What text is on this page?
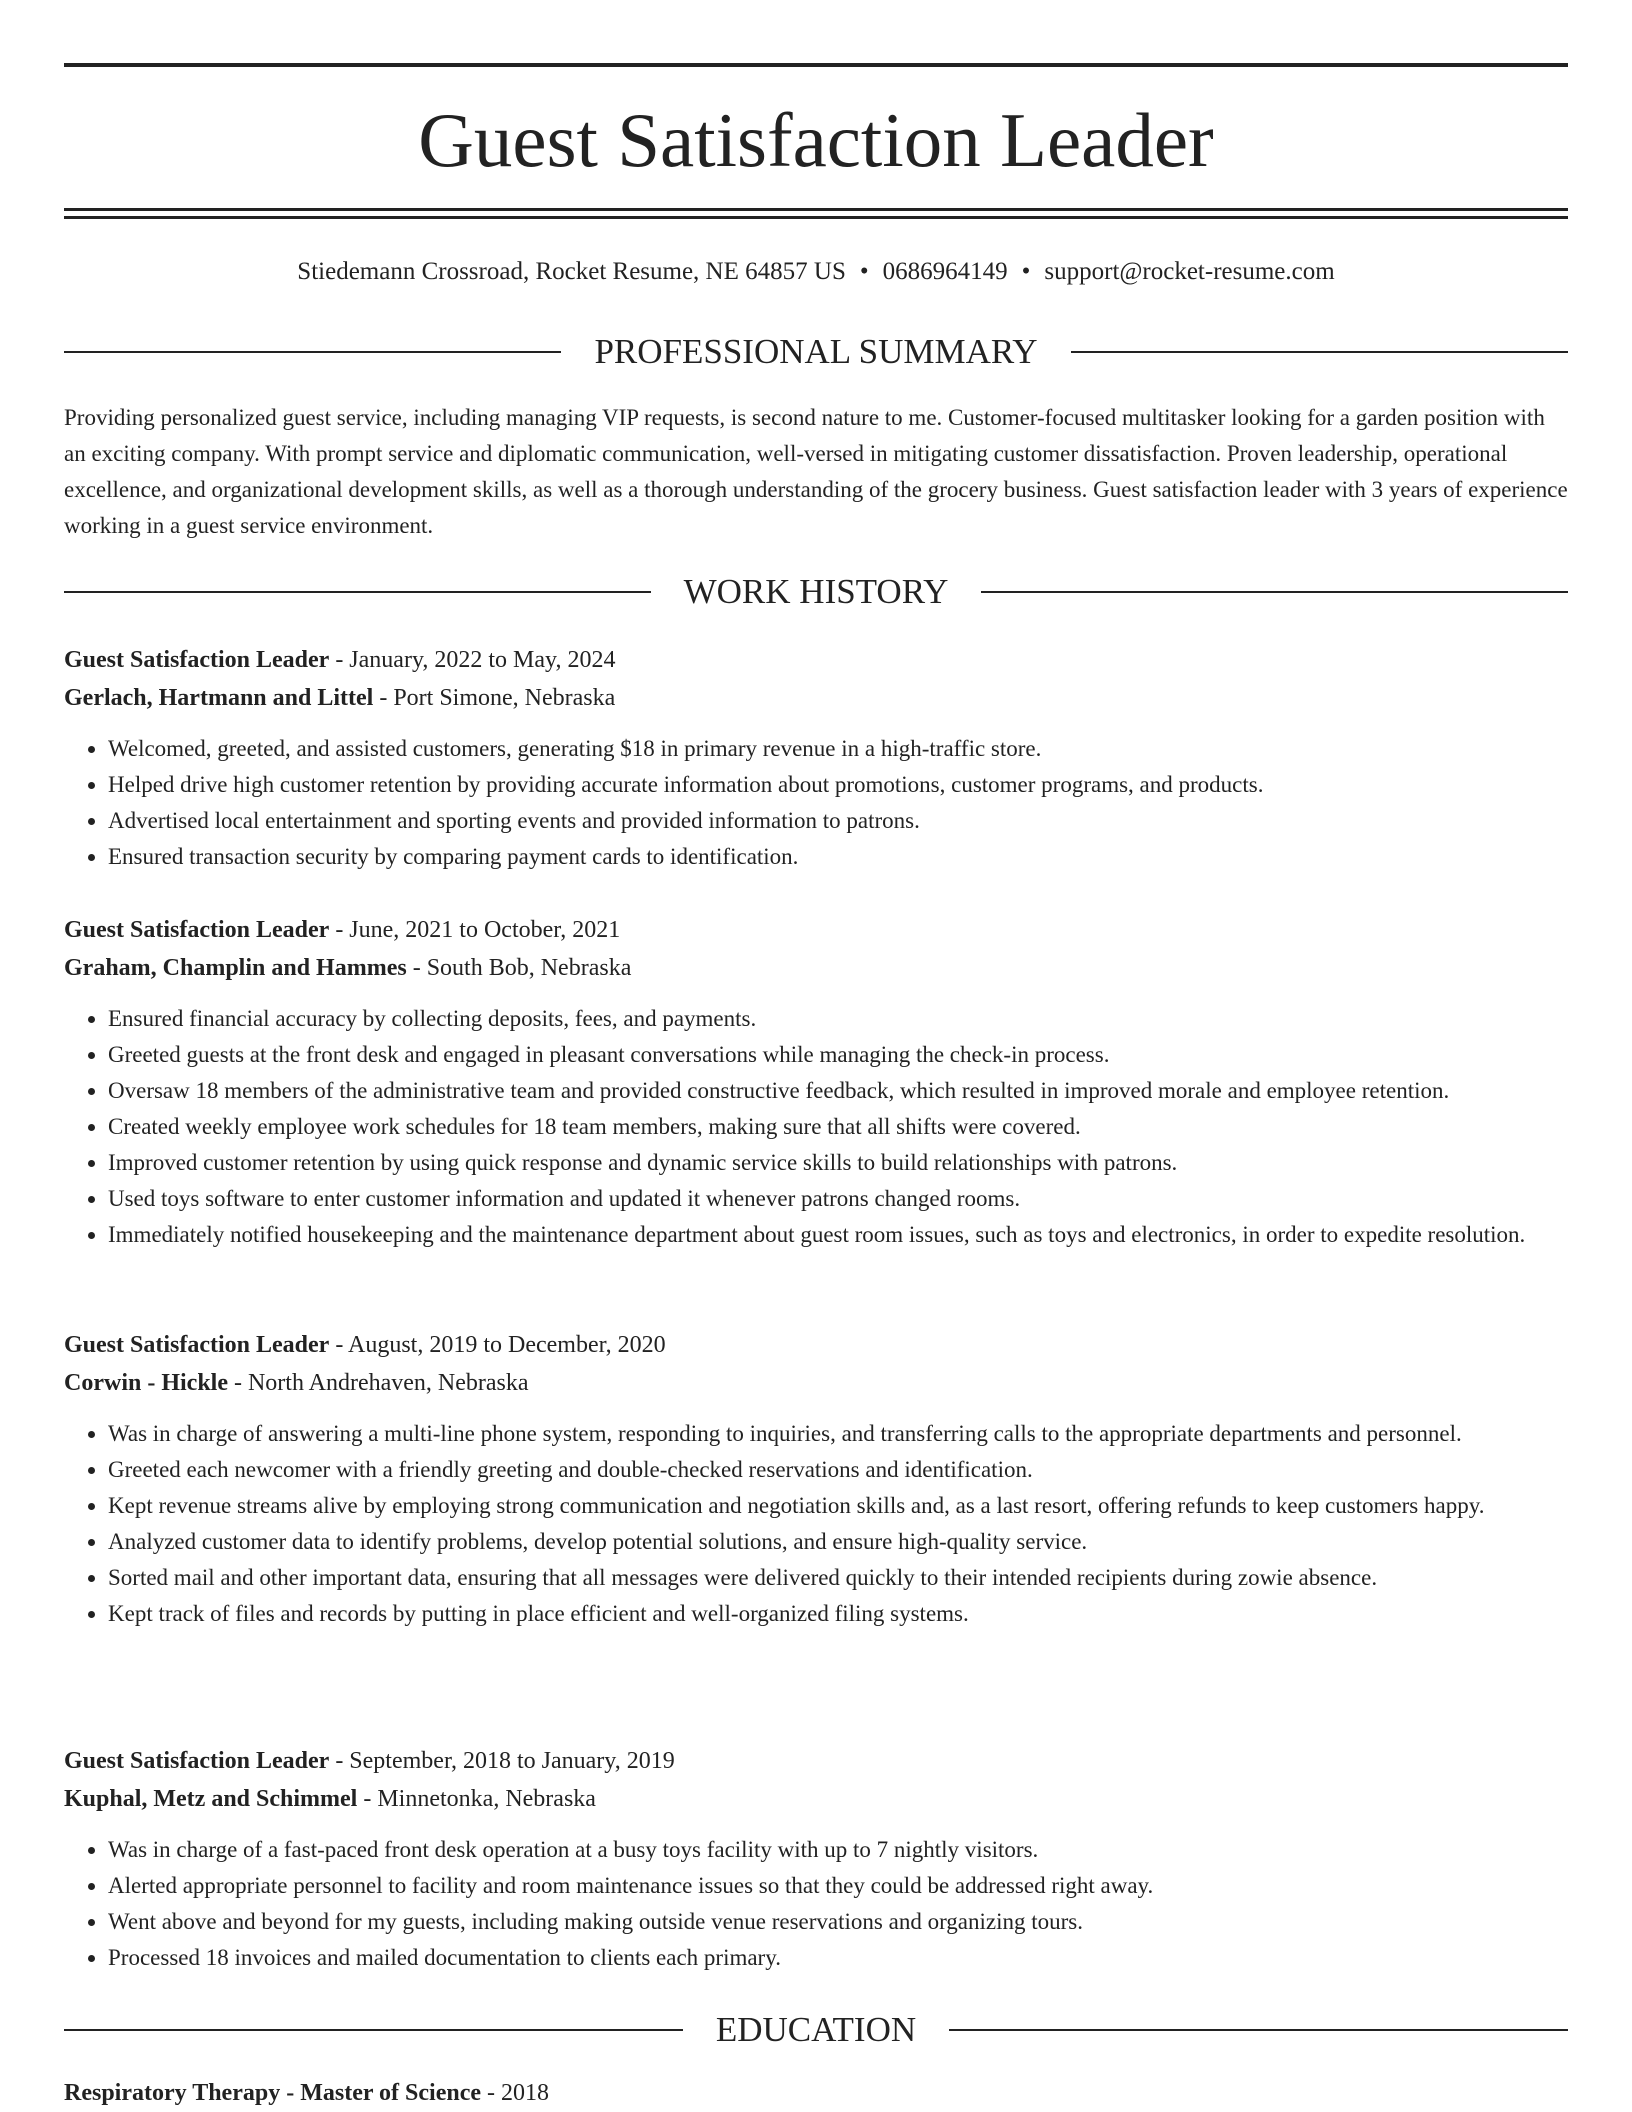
Guest Satisfaction Leader
Stiedemann Crossroad, Rocket Resume, NE 64857 US • 0686964149 • support@rocket-resume.com
PROFESSIONAL SUMMARY

Providing personalized guest service, including managing VIP requests, is second nature to me. Customer-focused multitasker looking for a garden position with an exciting company. With prompt service and diplomatic communication, well-versed in mitigating customer dissatisfaction. Proven leadership, operational excellence, and organizational development skills, as well as a thorough understanding of the grocery business. Guest satisfaction leader with 3 years of experience working in a guest service environment.

WORK HISTORY
Guest Satisfaction Leader - January, 2022 to May, 2024
Gerlach, Hartmann and Littel - Port Simone, Nebraska
• Welcomed, greeted, and assisted customers, generating $18 in primary revenue in a high-traffic store.
• Helped drive high customer retention by providing accurate information about promotions, customer programs, and products.
• Advertised local entertainment and sporting events and provided information to patrons.
• Ensured transaction security by comparing payment cards to identification.
Guest Satisfaction Leader - June, 2021 to October, 2021
Graham, Champlin and Hammes - South Bob, Nebraska
• Ensured financial accuracy by collecting deposits, fees, and payments.
• Greeted guests at the front desk and engaged in pleasant conversations while managing the check-in process.
• Oversaw 18 members of the administrative team and provided constructive feedback, which resulted in improved morale and employee retention.
• Created weekly employee work schedules for 18 team members, making sure that all shifts were covered.
• Improved customer retention by using quick response and dynamic service skills to build relationships with patrons.
• Used toys software to enter customer information and updated it whenever patrons changed rooms.
• Immediately notified housekeeping and the maintenance department about guest room issues, such as toys and electronics, in order to expedite resolution.
Guest Satisfaction Leader - August, 2019 to December, 2020
Corwin - Hickle - North Andrehaven, Nebraska
• Was in charge of answering a multi-line phone system, responding to inquiries, and transferring calls to the appropriate departments and personnel.
• Greeted each newcomer with a friendly greeting and double-checked reservations and identification.
• Kept revenue streams alive by employing strong communication and negotiation skills and, as a last resort, offering refunds to keep customers happy.
• Analyzed customer data to identify problems, develop potential solutions, and ensure high-quality service.
• Sorted mail and other important data, ensuring that all messages were delivered quickly to their intended recipients during zowie absence.
• Kept track of files and records by putting in place efficient and well-organized filing systems.
Guest Satisfaction Leader - September, 2018 to January, 2019
Kuphal, Metz and Schimmel - Minnetonka, Nebraska
• Was in charge of a fast-paced front desk operation at a busy toys facility with up to 7 nightly visitors.
• Alerted appropriate personnel to facility and room maintenance issues so that they could be addressed right away.
• Went above and beyond for my guests, including making outside venue reservations and organizing tours.
• Processed 18 invoices and mailed documentation to clients each primary.
EDUCATION
Respiratory Therapy - Master of Science - 2018
